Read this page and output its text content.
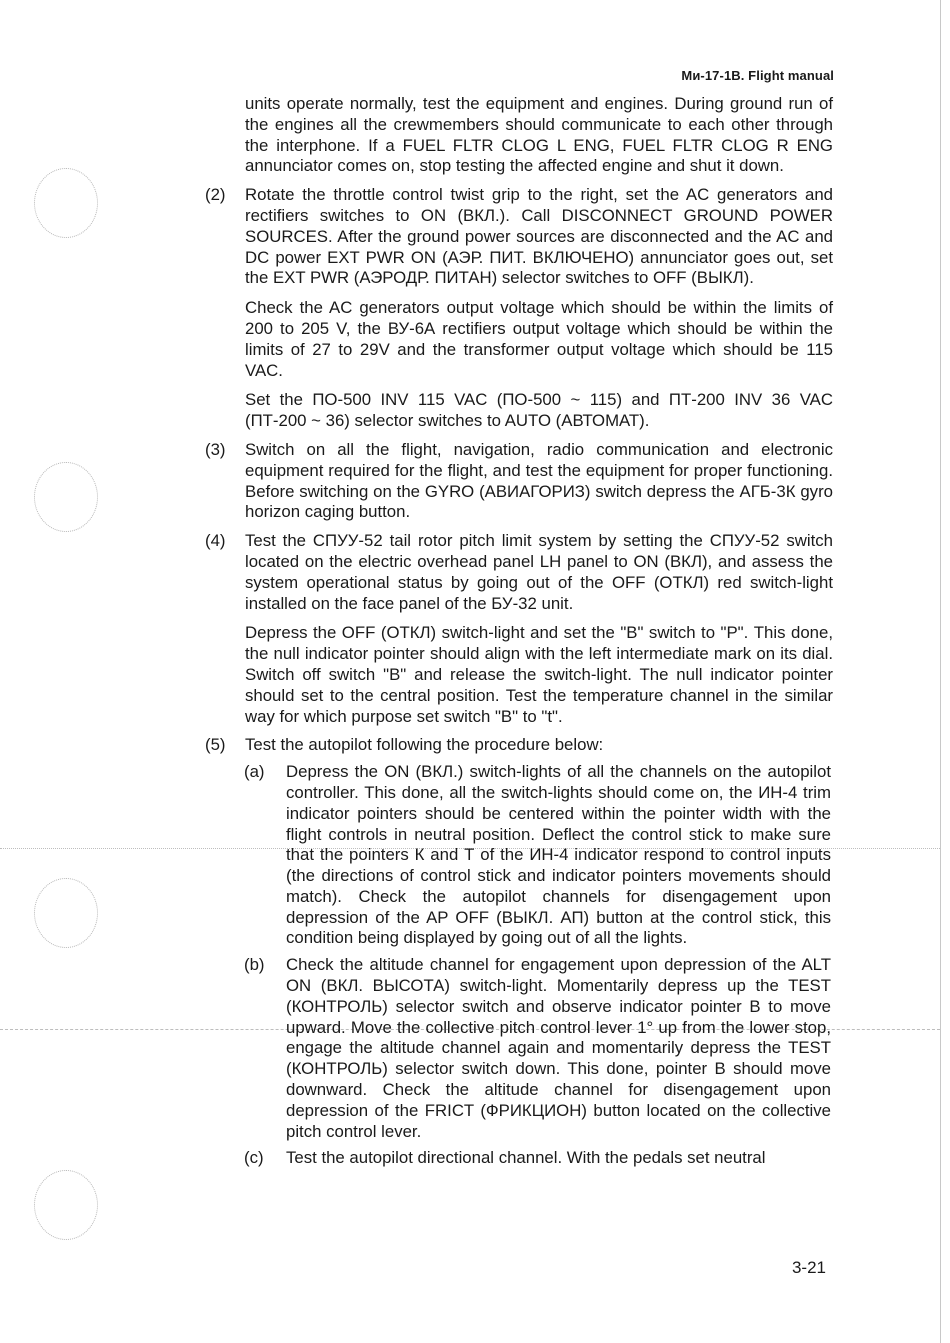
Ми-17-1В. Flight manual
units operate normally, test the equipment and engines. During ground run of the engines all the crewmembers should communicate to each other through the interphone. If a FUEL FLTR CLOG L ENG, FUEL FLTR CLOG R ENG annunciator comes on, stop testing the affected engine and shut it down.
(2) Rotate the throttle control twist grip to the right, set the AC generators and rectifiers switches to ON (ВКЛ.). Call DISCONNECT GROUND POWER SOURCES. After the ground power sources are disconnected and the AC and DC power EXT PWR ON (АЭР. ПИТ. ВКЛЮЧЕНО) annunciator goes out, set the EXT PWR (АЭРОДР. ПИТАН) selector switches to OFF (ВЫКЛ).
Check the AC generators output voltage which should be within the limits of 200 to 205 V, the ВУ-6А rectifiers output voltage which should be within the limits of 27 to 29V and the transformer output voltage which should be 115 VAC.
Set the ПО-500 INV 115 VAC (ПО-500 ~ 115) and ПТ-200 INV 36 VAC (ПТ-200 ~ 36) selector switches to AUTO (АВТОМАТ).
(3) Switch on all the flight, navigation, radio communication and electronic equipment required for the flight, and test the equipment for proper functioning. Before switching on the GYRO (АВИАГОРИЗ) switch depress the АГБ-3К gyro horizon caging button.
(4) Test the СПУУ-52 tail rotor pitch limit system by setting the СПУУ-52 switch located on the electric overhead panel LH panel to ON (ВКЛ), and assess the system operational status by going out of the OFF (ОТКЛ) red switch-light installed on the face panel of the БУ-32 unit.
Depress the OFF (ОТКЛ) switch-light and set the "В" switch to "Р". This done, the null indicator pointer should align with the left intermediate mark on its dial. Switch off switch "В" and release the switch-light. The null indicator pointer should set to the central position. Test the temperature channel in the similar way for which purpose set switch "В" to "t".
(5) Test the autopilot following the procedure below:
(a) Depress the ON (ВКЛ.) switch-lights of all the channels on the autopilot controller. This done, all the switch-lights should come on, the ИН-4 trim indicator pointers should be centered within the pointer width with the flight controls in neutral position. Deflect the control stick to make sure that the pointers К and Т of the ИН-4 indicator respond to control inputs (the directions of control stick and indicator pointers movements should match). Check the autopilot channels for disengagement upon depression of the AP OFF (ВЫКЛ. АП) button at the control stick, this condition being displayed by going out of all the lights.
(b) Check the altitude channel for engagement upon depression of the ALT ON (ВКЛ. ВЫСОТА) switch-light. Momentarily depress up the TEST (КОНТРОЛЬ) selector switch and observe indicator pointer В to move upward. Move the collective pitch control lever 1° up from the lower stop, engage the altitude channel again and momentarily depress the TEST (КОНТРОЛЬ) selector switch down. This done, pointer В should move downward. Check the altitude channel for disengagement upon depression of the FRICT (ФРИКЦИОН) button located on the collective pitch control lever.
(c) Test the autopilot directional channel. With the pedals set neutral
3-21
